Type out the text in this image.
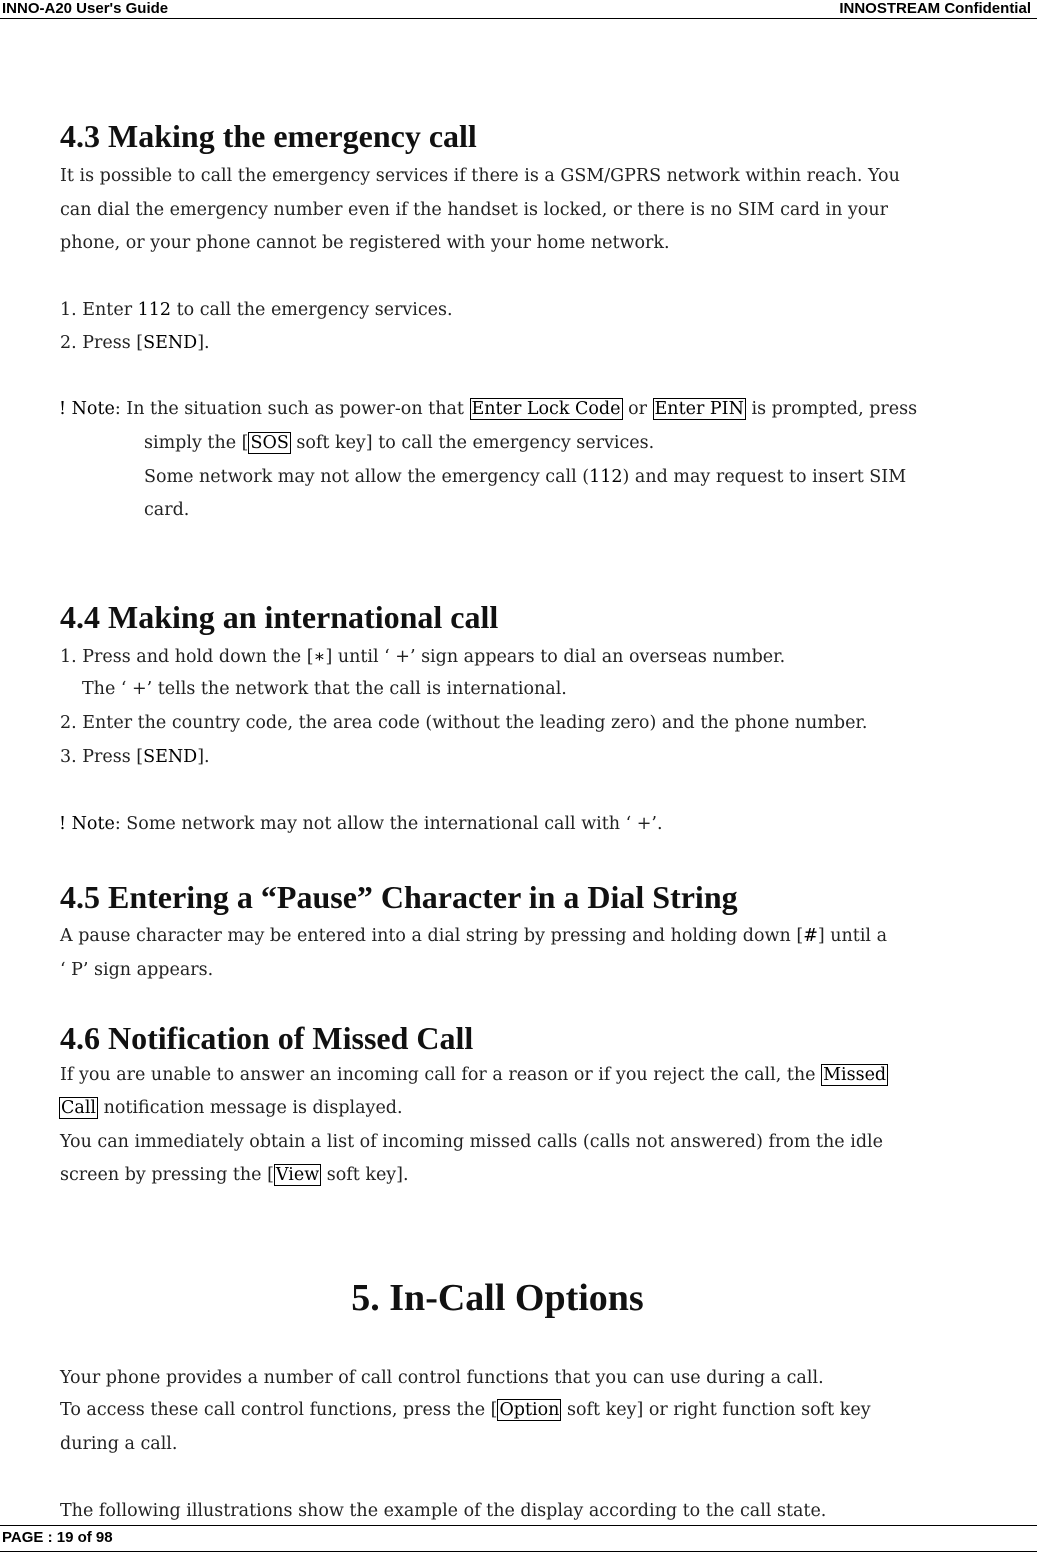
INNO-A20 User's Guide	INNOSTREAM Confidential
4.3 Making the emergency call
It is possible to call the emergency services if there is a GSM/GPRS network within reach. You
can dial the emergency number even if the handset is locked, or there is no SIM card in your
phone, or your phone cannot be registered with your home network.
1. Enter 112 to call the emergency services.
2. Press [SEND].
! Note: In the situation such as power-on that Enter Lock Code or Enter PIN is prompted, press
simply the [ SOS soft key] to call the emergency services.
Some network may not allow the emergency call (112) and may request to insert SIM
card.
4.4 Making an international call
1. Press and hold down the [∗] until ‘ +’ sign appears to dial an overseas number.
The ‘ +’ tells the network that the call is international.
2. Enter the country code, the area code (without the leading zero) and the phone number.
3. Press [SEND].
! Note: Some network may not allow the international call with ‘ +’.
4.5 Entering a “Pause” Character in a Dial String
A pause character may be entered into a dial string by pressing and holding down [#] until a
‘ P’ sign appears.
4.6 Notification of Missed Call
If you are unable to answer an incoming call for a reason or if you reject the call, the Missed
Call notification message is displayed.
You can immediately obtain a list of incoming missed calls (calls not answered) from the idle
screen by pressing the [ View soft key].
5. In-Call Options
Your phone provides a number of call control functions that you can use during a call.
To access these call control functions, press the [ Option soft key] or right function soft key
during a call.
The following illustrations show the example of the display according to the call state.
PAGE : 19 of 98
